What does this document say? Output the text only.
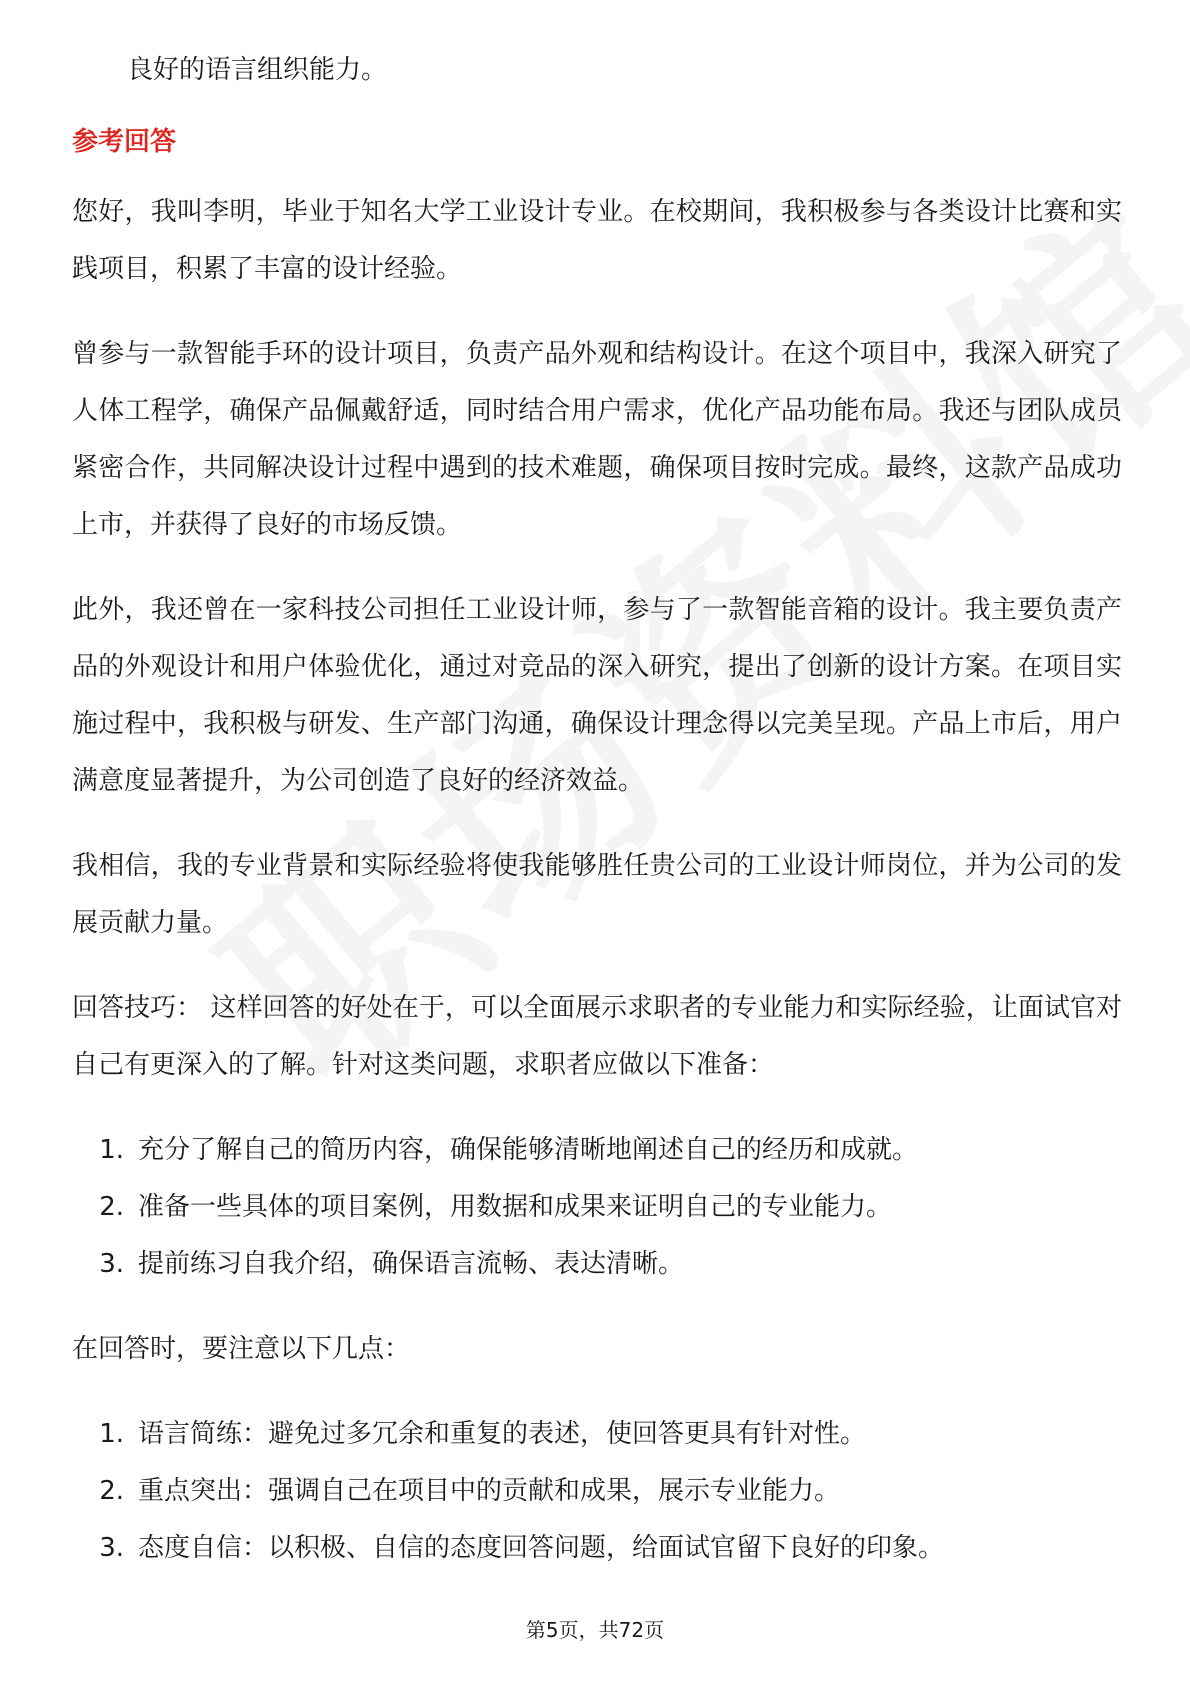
良好的语言组织能力。

参考回答

您好，我叫李明，毕业于知名大学工业设计专业。在校期间，我积极参与各类设计比赛和实践项目，积累了丰富的设计经验。

曾参与一款智能手环的设计项目，负责产品外观和结构设计。在这个项目中，我深入研究了人体工程学，确保产品佩戴舒适，同时结合用户需求，优化产品功能布局。我还与团队成员紧密合作，共同解决设计过程中遇到的技术难题，确保项目按时完成。最终，这款产品成功上市，并获得了良好的市场反馈。

此外，我还曾在一家科技公司担任工业设计师，参与了一款智能音箱的设计。我主要负责产品的外观设计和用户体验优化，通过对竞品的深入研究，提出了创新的设计方案。在项目实施过程中，我积极与研发、生产部门沟通，确保设计理念得以完美呈现。产品上市后，用户满意度显著提升，为公司创造了良好的经济效益。

我相信，我的专业背景和实际经验将使我能够胜任贵公司的工业设计师岗位，并为公司的发展贡献力量。

回答技巧： 这样回答的好处在于，可以全面展示求职者的专业能力和实际经验，让面试官对自己有更深入的了解。针对这类问题，求职者应做以下准备：

1. 充分了解自己的简历内容，确保能够清晰地阐述自己的经历和成就。
2. 准备一些具体的项目案例，用数据和成果来证明自己的专业能力。
3. 提前练习自我介绍，确保语言流畅、表达清晰。

在回答时，要注意以下几点：

1. 语言简练：避免过多冗余和重复的表述，使回答更具有针对性。
2. 重点突出：强调自己在项目中的贡献和成果，展示专业能力。
3. 态度自信：以积极、自信的态度回答问题，给面试官留下良好的印象。
第5页，共72页
